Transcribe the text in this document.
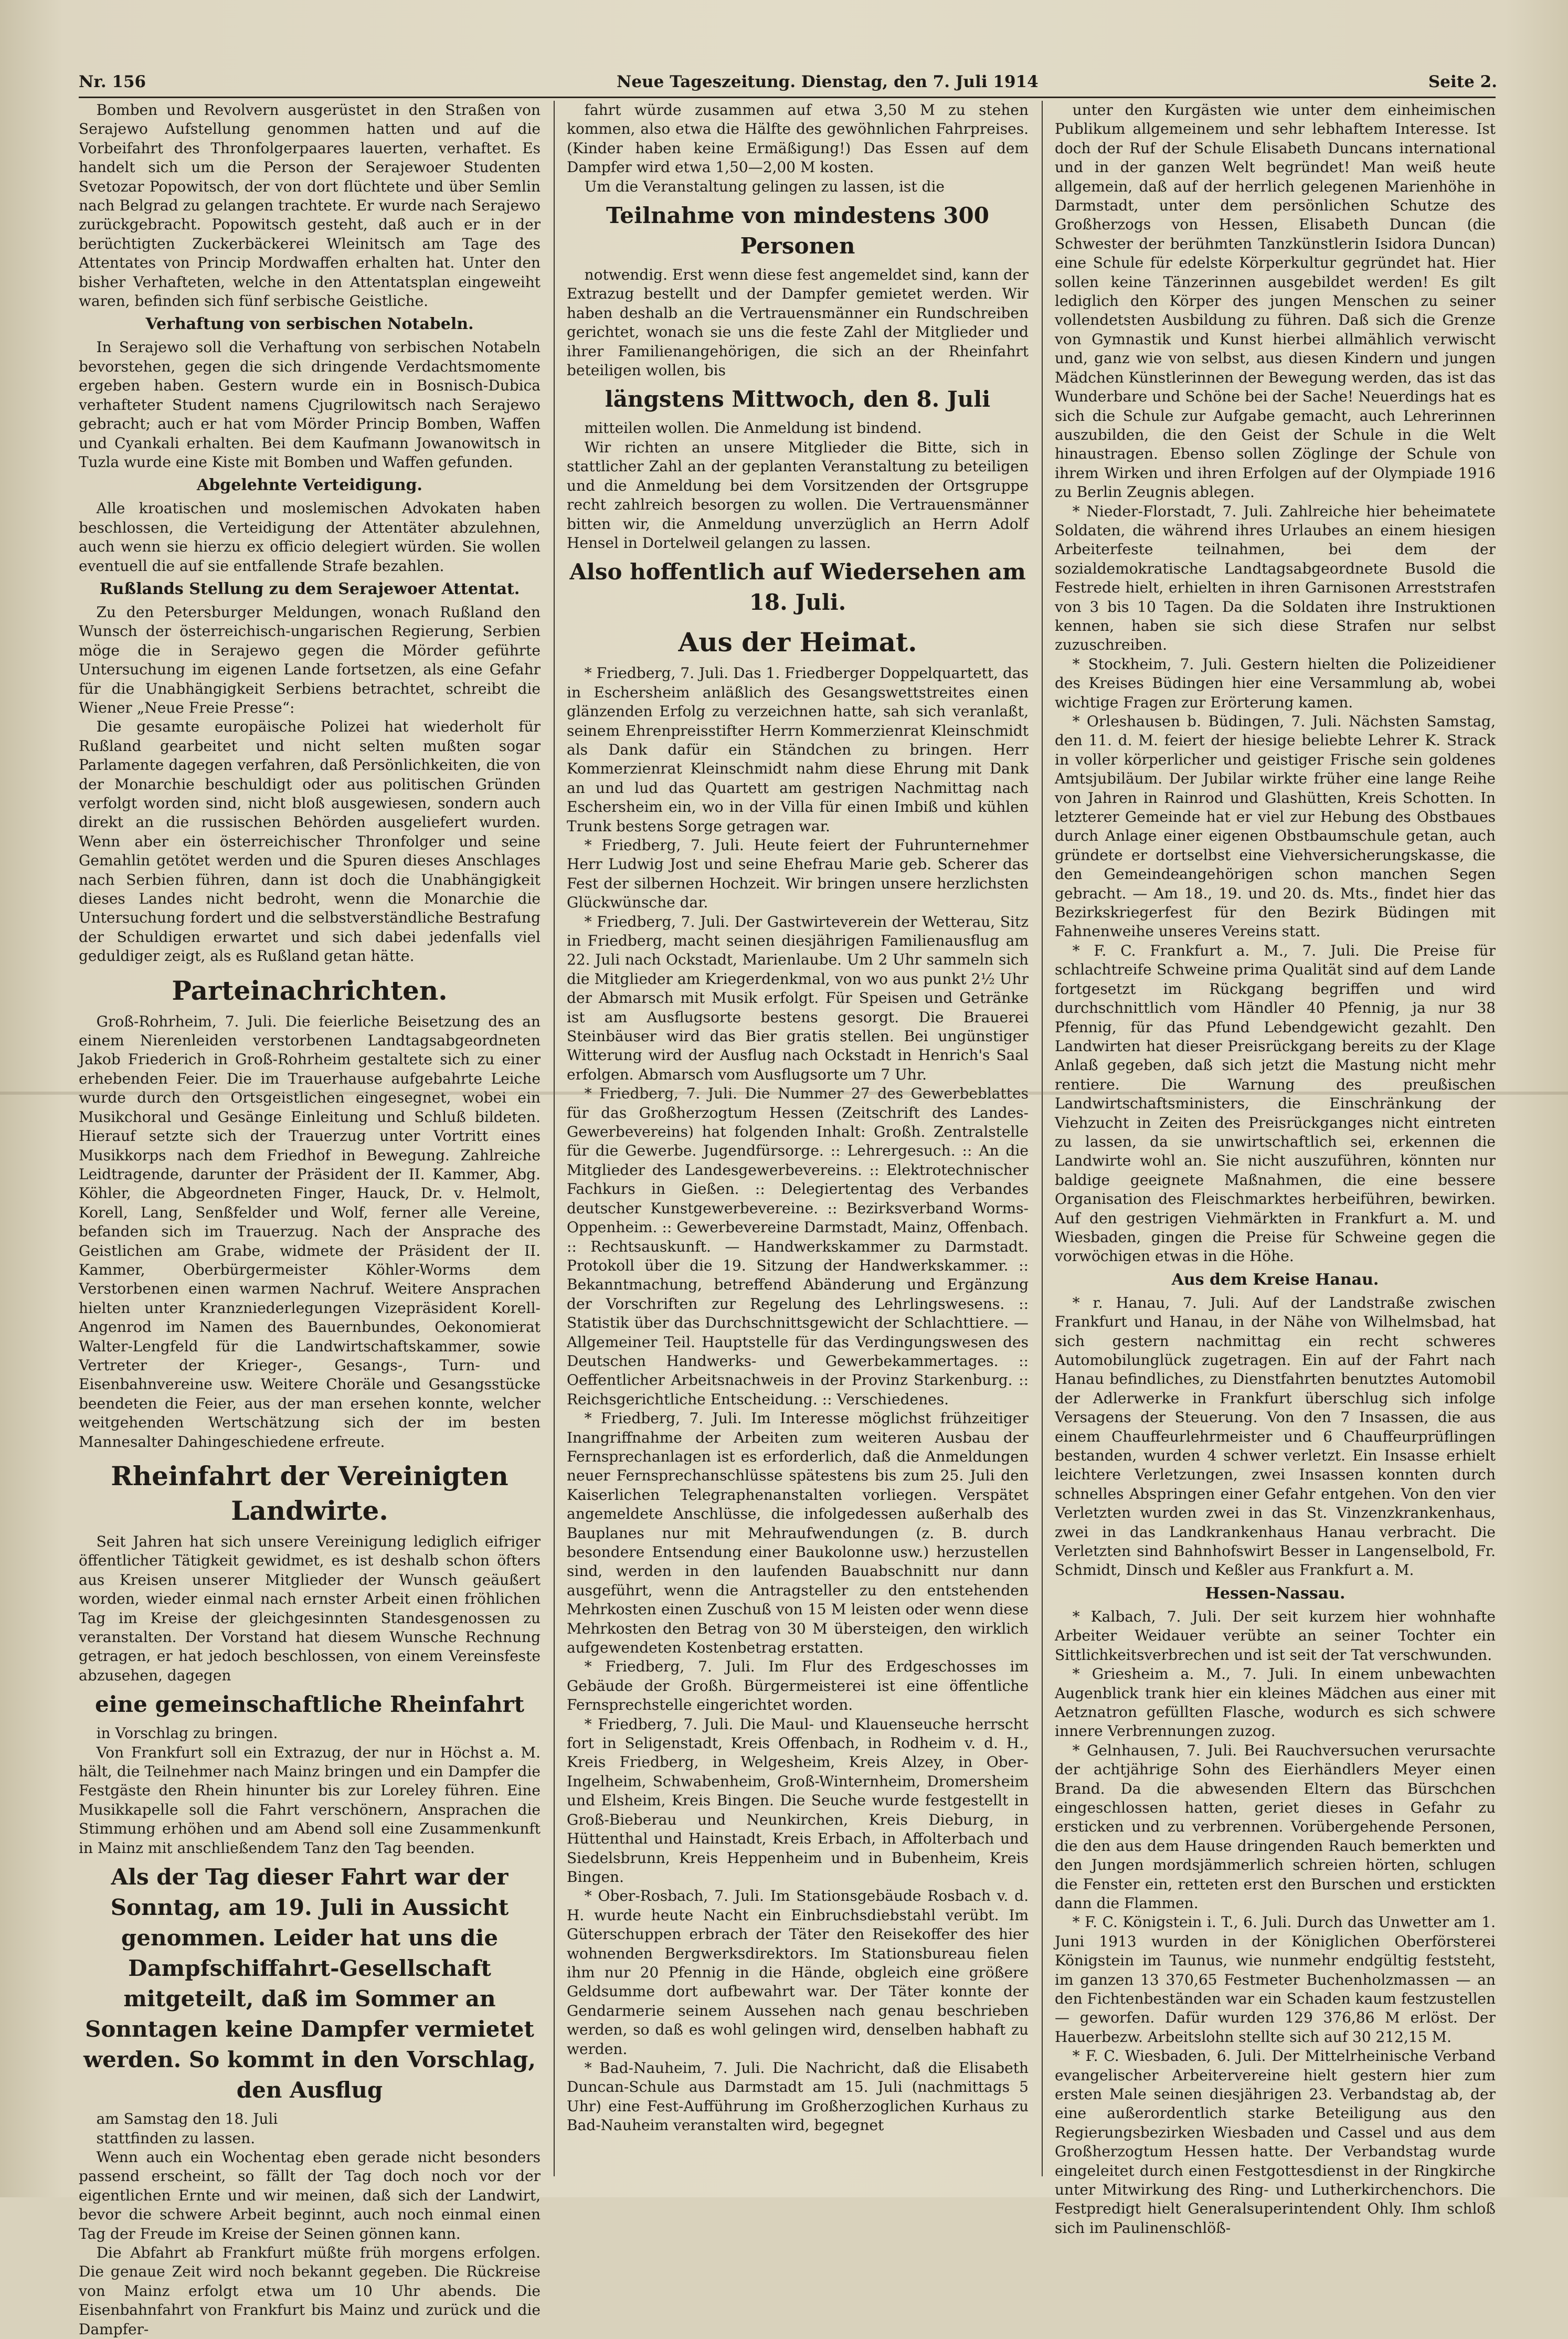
Nr. 156	Neue Tageszeitung. Dienstag, den 7. Juli 1914	Seite 2.

Bomben und Revolvern ausgerüstet in den Straßen von Serajewo Aufstellung genommen hatten und auf die Vorbeifahrt des Thronfolgerpaares lauerten, verhaftet. Es handelt sich um die Person der Serajewoer Studenten Svetozar Popowitsch, der von dort flüchtete und über Semlin nach Belgrad zu gelangen trachtete. Er wurde nach Serajewo zurückgebracht. Popowitsch gesteht, daß auch er in der berüchtigten Zuckerbäckerei Wleinitsch am Tage des Attentates von Princip Mordwaffen erhalten hat. Unter den bisher Verhafteten, welche in den Attentatsplan eingeweiht waren, befinden sich fünf serbische Geistliche.

Verhaftung von serbischen Notabeln.

In Serajewo soll die Verhaftung von serbischen Notabeln bevorstehen, gegen die sich dringende Verdachtsmomente ergeben haben. Gestern wurde ein in Bosnisch-Dubica verhafteter Student namens Cjugrilowitsch nach Serajewo gebracht; auch er hat vom Mörder Princip Bomben, Waffen und Cyankali erhalten. Bei dem Kaufmann Jowanowitsch in Tuzla wurde eine Kiste mit Bomben und Waffen gefunden.

Abgelehnte Verteidigung.

Alle kroatischen und moslemischen Advokaten haben beschlossen, die Verteidigung der Attentäter abzulehnen, auch wenn sie hierzu ex officio delegiert würden. Sie wollen eventuell die auf sie entfallende Strafe bezahlen.

Rußlands Stellung zu dem Serajewoer Attentat.

Zu den Petersburger Meldungen, wonach Rußland den Wunsch der österreichisch-ungarischen Regierung, Serbien möge die in Serajewo gegen die Mörder geführte Untersuchung im eigenen Lande fortsetzen, als eine Gefahr für die Unabhängigkeit Serbiens betrachtet, schreibt die Wiener „Neue Freie Presse“:

Die gesamte europäische Polizei hat wiederholt für Rußland gearbeitet und nicht selten mußten sogar Parlamente dagegen verfahren, daß Persönlichkeiten, die von der Monarchie beschuldigt oder aus politischen Gründen verfolgt worden sind, nicht bloß ausgewiesen, sondern auch direkt an die russischen Behörden ausgeliefert wurden. Wenn aber ein österreichischer Thronfolger und seine Gemahlin getötet werden und die Spuren dieses Anschlages nach Serbien führen, dann ist doch die Unabhängigkeit dieses Landes nicht bedroht, wenn die Monarchie die Untersuchung fordert und die selbstverständliche Bestrafung der Schuldigen erwartet und sich dabei jedenfalls viel geduldiger zeigt, als es Rußland getan hätte.

Parteinachrichten.

Groß-Rohrheim, 7. Juli. Die feierliche Beisetzung des an einem Nierenleiden verstorbenen Landtagsabgeordneten Jakob Friederich in Groß-Rohrheim gestaltete sich zu einer erhebenden Feier. Die im Trauerhause aufgebahrte Leiche wurde durch den Ortsgeistlichen eingesegnet, wobei ein Musikchoral und Gesänge Einleitung und Schluß bildeten. Hierauf setzte sich der Trauerzug unter Vortritt eines Musikkorps nach dem Friedhof in Bewegung. Zahlreiche Leidtragende, darunter der Präsident der II. Kammer, Abg. Köhler, die Abgeordneten Finger, Hauck, Dr. v. Helmolt, Korell, Lang, Senßfelder und Wolf, ferner alle Vereine, befanden sich im Trauerzug. Nach der Ansprache des Geistlichen am Grabe, widmete der Präsident der II. Kammer, Oberbürgermeister Köhler-Worms dem Verstorbenen einen warmen Nachruf. Weitere Ansprachen hielten unter Kranzniederlegungen Vizepräsident Korell-Angenrod im Namen des Bauernbundes, Oekonomierat Walter-Lengfeld für die Landwirtschaftskammer, sowie Vertreter der Krieger-, Gesangs-, Turn- und Eisenbahnvereine usw. Weitere Choräle und Gesangsstücke beendeten die Feier, aus der man ersehen konnte, welcher weitgehenden Wertschätzung sich der im besten Mannesalter Dahingeschiedene erfreute.

Rheinfahrt der Vereinigten Landwirte.

Seit Jahren hat sich unsere Vereinigung lediglich eifriger öffentlicher Tätigkeit gewidmet, es ist deshalb schon öfters aus Kreisen unserer Mitglieder der Wunsch geäußert worden, wieder einmal nach ernster Arbeit einen fröhlichen Tag im Kreise der gleichgesinnten Standesgenossen zu veranstalten. Der Vorstand hat diesem Wunsche Rechnung getragen, er hat jedoch beschlossen, von einem Vereinsfeste abzusehen, dagegen

eine gemeinschaftliche Rheinfahrt

in Vorschlag zu bringen.

Von Frankfurt soll ein Extrazug, der nur in Höchst a. M. hält, die Teilnehmer nach Mainz bringen und ein Dampfer die Festgäste den Rhein hinunter bis zur Loreley führen. Eine Musikkapelle soll die Fahrt verschönern, Ansprachen die Stimmung erhöhen und am Abend soll eine Zusammenkunft in Mainz mit anschließendem Tanz den Tag beenden.

Als der Tag dieser Fahrt war der Sonntag, am 19. Juli in Aussicht genommen. Leider hat uns die Dampfschiffahrt-Gesellschaft mitgeteilt, daß im Sommer an Sonntagen keine Dampfer vermietet werden. So kommt in den Vorschlag, den Ausflug

am Samstag den 18. Juli

stattfinden zu lassen.

Wenn auch ein Wochentag eben gerade nicht besonders passend erscheint, so fällt der Tag doch noch vor der eigentlichen Ernte und wir meinen, daß sich der Landwirt, bevor die schwere Arbeit beginnt, auch noch einmal einen Tag der Freude im Kreise der Seinen gönnen kann.

Die Abfahrt ab Frankfurt müßte früh morgens erfolgen. Die genaue Zeit wird noch bekannt gegeben. Die Rückreise von Mainz erfolgt etwa um 10 Uhr abends. Die Eisenbahnfahrt von Frankfurt bis Mainz und zurück und die Dampfer-

fahrt würde zusammen auf etwa 3,50 M zu stehen kommen, also etwa die Hälfte des gewöhnlichen Fahrpreises. (Kinder haben keine Ermäßigung!) Das Essen auf dem Dampfer wird etwa 1,50—2,00 M kosten.

Um die Veranstaltung gelingen zu lassen, ist die

Teilnahme von mindestens 300 Personen

notwendig. Erst wenn diese fest angemeldet sind, kann der Extrazug bestellt und der Dampfer gemietet werden. Wir haben deshalb an die Vertrauensmänner ein Rundschreiben gerichtet, wonach sie uns die feste Zahl der Mitglieder und ihrer Familienangehörigen, die sich an der Rheinfahrt beteiligen wollen, bis

längstens Mittwoch, den 8. Juli

mitteilen wollen. Die Anmeldung ist bindend.

Wir richten an unsere Mitglieder die Bitte, sich in stattlicher Zahl an der geplanten Veranstaltung zu beteiligen und die Anmeldung bei dem Vorsitzenden der Ortsgruppe recht zahlreich besorgen zu wollen. Die Vertrauensmänner bitten wir, die Anmeldung unverzüglich an Herrn Adolf Hensel in Dortelweil gelangen zu lassen.

Also hoffentlich auf Wiedersehen am 18. Juli.

Aus der Heimat.

* Friedberg, 7. Juli. Das 1. Friedberger Doppelquartett, das in Eschersheim anläßlich des Gesangswettstreites einen glänzenden Erfolg zu verzeichnen hatte, sah sich veranlaßt, seinem Ehrenpreisstifter Herrn Kommerzienrat Kleinschmidt als Dank dafür ein Ständchen zu bringen. Herr Kommerzienrat Kleinschmidt nahm diese Ehrung mit Dank an und lud das Quartett am gestrigen Nachmittag nach Eschersheim ein, wo in der Villa für einen Imbiß und kühlen Trunk bestens Sorge getragen war.

* Friedberg, 7. Juli. Heute feiert der Fuhrunternehmer Herr Ludwig Jost und seine Ehefrau Marie geb. Scherer das Fest der silbernen Hochzeit. Wir bringen unsere herzlichsten Glückwünsche dar.

* Friedberg, 7. Juli. Der Gastwirteverein der Wetterau, Sitz in Friedberg, macht seinen diesjährigen Familienausflug am 22. Juli nach Ockstadt, Marienlaube. Um 2 Uhr sammeln sich die Mitglieder am Kriegerdenkmal, von wo aus punkt 2½ Uhr der Abmarsch mit Musik erfolgt. Für Speisen und Getränke ist am Ausflugsorte bestens gesorgt. Die Brauerei Steinbäuser wird das Bier gratis stellen. Bei ungünstiger Witterung wird der Ausflug nach Ockstadt in Henrich's Saal erfolgen. Abmarsch vom Ausflugsorte um 7 Uhr.

* Friedberg, 7. Juli. Die Nummer 27 des Gewerbeblattes für das Großherzogtum Hessen (Zeitschrift des Landes-Gewerbevereins) hat folgenden Inhalt: Großh. Zentralstelle für die Gewerbe. Jugendfürsorge. :: Lehrergesuch. :: An die Mitglieder des Landesgewerbevereins. :: Elektrotechnischer Fachkurs in Gießen. :: Delegiertentag des Verbandes deutscher Kunstgewerbevereine. :: Bezirksverband Worms-Oppenheim. :: Gewerbevereine Darmstadt, Mainz, Offenbach. :: Rechtsauskunft. — Handwerkskammer zu Darmstadt. Protokoll über die 19. Sitzung der Handwerkskammer. :: Bekanntmachung, betreffend Abänderung und Ergänzung der Vorschriften zur Regelung des Lehrlingswesens. :: Statistik über das Durchschnittsgewicht der Schlachttiere. — Allgemeiner Teil. Hauptstelle für das Verdingungswesen des Deutschen Handwerks- und Gewerbekammertages. :: Oeffentlicher Arbeitsnachweis in der Provinz Starkenburg. :: Reichsgerichtliche Entscheidung. :: Verschiedenes.

* Friedberg, 7. Juli. Im Interesse möglichst frühzeitiger Inangriffnahme der Arbeiten zum weiteren Ausbau der Fernsprechanlagen ist es erforderlich, daß die Anmeldungen neuer Fernsprechanschlüsse spätestens bis zum 25. Juli den Kaiserlichen Telegraphenanstalten vorliegen. Verspätet angemeldete Anschlüsse, die infolgedessen außerhalb des Bauplanes nur mit Mehraufwendungen (z. B. durch besondere Entsendung einer Baukolonne usw.) herzustellen sind, werden in den laufenden Bauabschnitt nur dann ausgeführt, wenn die Antragsteller zu den entstehenden Mehrkosten einen Zuschuß von 15 M leisten oder wenn diese Mehrkosten den Betrag von 30 M übersteigen, den wirklich aufgewendeten Kostenbetrag erstatten.

* Friedberg, 7. Juli. Im Flur des Erdgeschosses im Gebäude der Großh. Bürgermeisterei ist eine öffentliche Fernsprechstelle eingerichtet worden.

* Friedberg, 7. Juli. Die Maul- und Klauenseuche herrscht fort in Seligenstadt, Kreis Offenbach, in Rodheim v. d. H., Kreis Friedberg, in Welgesheim, Kreis Alzey, in Ober-Ingelheim, Schwabenheim, Groß-Winternheim, Dromersheim und Elsheim, Kreis Bingen. Die Seuche wurde festgestellt in Groß-Bieberau und Neunkirchen, Kreis Dieburg, in Hüttenthal und Hainstadt, Kreis Erbach, in Affolterbach und Siedelsbrunn, Kreis Heppenheim und in Bubenheim, Kreis Bingen.

* Ober-Rosbach, 7. Juli. Im Stationsgebäude Rosbach v. d. H. wurde heute Nacht ein Einbruchsdiebstahl verübt. Im Güterschuppen erbrach der Täter den Reisekoffer des hier wohnenden Bergwerksdirektors. Im Stationsbureau fielen ihm nur 20 Pfennig in die Hände, obgleich eine größere Geldsumme dort aufbewahrt war. Der Täter konnte der Gendarmerie seinem Aussehen nach genau beschrieben werden, so daß es wohl gelingen wird, denselben habhaft zu werden.

* Bad-Nauheim, 7. Juli. Die Nachricht, daß die Elisabeth Duncan-Schule aus Darmstadt am 15. Juli (nachmittags 5 Uhr) eine Fest-Aufführung im Großherzoglichen Kurhaus zu Bad-Nauheim veranstalten wird, begegnet

unter den Kurgästen wie unter dem einheimischen Publikum allgemeinem und sehr lebhaftem Interesse. Ist doch der Ruf der Schule Elisabeth Duncans international und in der ganzen Welt begründet! Man weiß heute allgemein, daß auf der herrlich gelegenen Marienhöhe in Darmstadt, unter dem persönlichen Schutze des Großherzogs von Hessen, Elisabeth Duncan (die Schwester der berühmten Tanzkünstlerin Isidora Duncan) eine Schule für edelste Körperkultur gegründet hat. Hier sollen keine Tänzerinnen ausgebildet werden! Es gilt lediglich den Körper des jungen Menschen zu seiner vollendetsten Ausbildung zu führen. Daß sich die Grenze von Gymnastik und Kunst hierbei allmählich verwischt und, ganz wie von selbst, aus diesen Kindern und jungen Mädchen Künstlerinnen der Bewegung werden, das ist das Wunderbare und Schöne bei der Sache! Neuerdings hat es sich die Schule zur Aufgabe gemacht, auch Lehrerinnen auszubilden, die den Geist der Schule in die Welt hinaustragen. Ebenso sollen Zöglinge der Schule von ihrem Wirken und ihren Erfolgen auf der Olympiade 1916 zu Berlin Zeugnis ablegen.

* Nieder-Florstadt, 7. Juli. Zahlreiche hier beheimatete Soldaten, die während ihres Urlaubes an einem hiesigen Arbeiterfeste teilnahmen, bei dem der sozialdemokratische Landtagsabgeordnete Busold die Festrede hielt, erhielten in ihren Garnisonen Arreststrafen von 3 bis 10 Tagen. Da die Soldaten ihre Instruktionen kennen, haben sie sich diese Strafen nur selbst zuzuschreiben.

* Stockheim, 7. Juli. Gestern hielten die Polizeidiener des Kreises Büdingen hier eine Versammlung ab, wobei wichtige Fragen zur Erörterung kamen.

* Orleshausen b. Büdingen, 7. Juli. Nächsten Samstag, den 11. d. M. feiert der hiesige beliebte Lehrer K. Strack in voller körperlicher und geistiger Frische sein goldenes Amtsjubiläum. Der Jubilar wirkte früher eine lange Reihe von Jahren in Rainrod und Glashütten, Kreis Schotten. In letzterer Gemeinde hat er viel zur Hebung des Obstbaues durch Anlage einer eigenen Obstbaumschule getan, auch gründete er dortselbst eine Viehversicherungskasse, die den Gemeindeangehörigen schon manchen Segen gebracht. — Am 18., 19. und 20. ds. Mts., findet hier das Bezirkskriegerfest für den Bezirk Büdingen mit Fahnenweihe unseres Vereins statt.

* F. C. Frankfurt a. M., 7. Juli. Die Preise für schlachtreife Schweine prima Qualität sind auf dem Lande fortgesetzt im Rückgang begriffen und wird durchschnittlich vom Händler 40 Pfennig, ja nur 38 Pfennig, für das Pfund Lebendgewicht gezahlt. Den Landwirten hat dieser Preisrückgang bereits zu der Klage Anlaß gegeben, daß sich jetzt die Mastung nicht mehr rentiere. Die Warnung des preußischen Landwirtschaftsministers, die Einschränkung der Viehzucht in Zeiten des Preisrückganges nicht eintreten zu lassen, da sie unwirtschaftlich sei, erkennen die Landwirte wohl an. Sie nicht auszuführen, könnten nur baldige geeignete Maßnahmen, die eine bessere Organisation des Fleischmarktes herbeiführen, bewirken. Auf den gestrigen Viehmärkten in Frankfurt a. M. und Wiesbaden, gingen die Preise für Schweine gegen die vorwöchigen etwas in die Höhe.

Aus dem Kreise Hanau.

* r. Hanau, 7. Juli. Auf der Landstraße zwischen Frankfurt und Hanau, in der Nähe von Wilhelmsbad, hat sich gestern nachmittag ein recht schweres Automobilunglück zugetragen. Ein auf der Fahrt nach Hanau befindliches, zu Dienstfahrten benutztes Automobil der Adlerwerke in Frankfurt überschlug sich infolge Versagens der Steuerung. Von den 7 Insassen, die aus einem Chauffeurlehrmeister und 6 Chauffeurprüflingen bestanden, wurden 4 schwer verletzt. Ein Insasse erhielt leichtere Verletzungen, zwei Insassen konnten durch schnelles Abspringen einer Gefahr entgehen. Von den vier Verletzten wurden zwei in das St. Vinzenzkrankenhaus, zwei in das Landkrankenhaus Hanau verbracht. Die Verletzten sind Bahnhofswirt Besser in Langenselbold, Fr. Schmidt, Dinsch und Keßler aus Frankfurt a. M.

Hessen-Nassau.

* Kalbach, 7. Juli. Der seit kurzem hier wohnhafte Arbeiter Weidauer verübte an seiner Tochter ein Sittlichkeitsverbrechen und ist seit der Tat verschwunden.

* Griesheim a. M., 7. Juli. In einem unbewachten Augenblick trank hier ein kleines Mädchen aus einer mit Aetznatron gefüllten Flasche, wodurch es sich schwere innere Verbrennungen zuzog.

* Gelnhausen, 7. Juli. Bei Rauchversuchen verursachte der achtjährige Sohn des Eierhändlers Meyer einen Brand. Da die abwesenden Eltern das Bürschchen eingeschlossen hatten, geriet dieses in Gefahr zu ersticken und zu verbrennen. Vorübergehende Personen, die den aus dem Hause dringenden Rauch bemerkten und den Jungen mordsjämmerlich schreien hörten, schlugen die Fenster ein, retteten erst den Burschen und erstickten dann die Flammen.

* F. C. Königstein i. T., 6. Juli. Durch das Unwetter am 1. Juni 1913 wurden in der Königlichen Oberförsterei Königstein im Taunus, wie nunmehr endgültig feststeht, im ganzen 13 370,65 Festmeter Buchenholzmassen — an den Fichtenbeständen war ein Schaden kaum festzustellen — geworfen. Dafür wurden 129 376,86 M erlöst. Der Hauerbezw. Arbeitslohn stellte sich auf 30 212,15 M.

* F. C. Wiesbaden, 6. Juli. Der Mittelrheinische Verband evangelischer Arbeitervereine hielt gestern hier zum ersten Male seinen diesjährigen 23. Verbandstag ab, der eine außerordentlich starke Beteiligung aus den Regierungsbezirken Wiesbaden und Cassel und aus dem Großherzogtum Hessen hatte. Der Verbandstag wurde eingeleitet durch einen Festgottesdienst in der Ringkirche unter Mitwirkung des Ring- und Lutherkirchenchors. Die Festpredigt hielt Generalsuperintendent Ohly. Ihm schloß sich im Paulinenschlöß-
